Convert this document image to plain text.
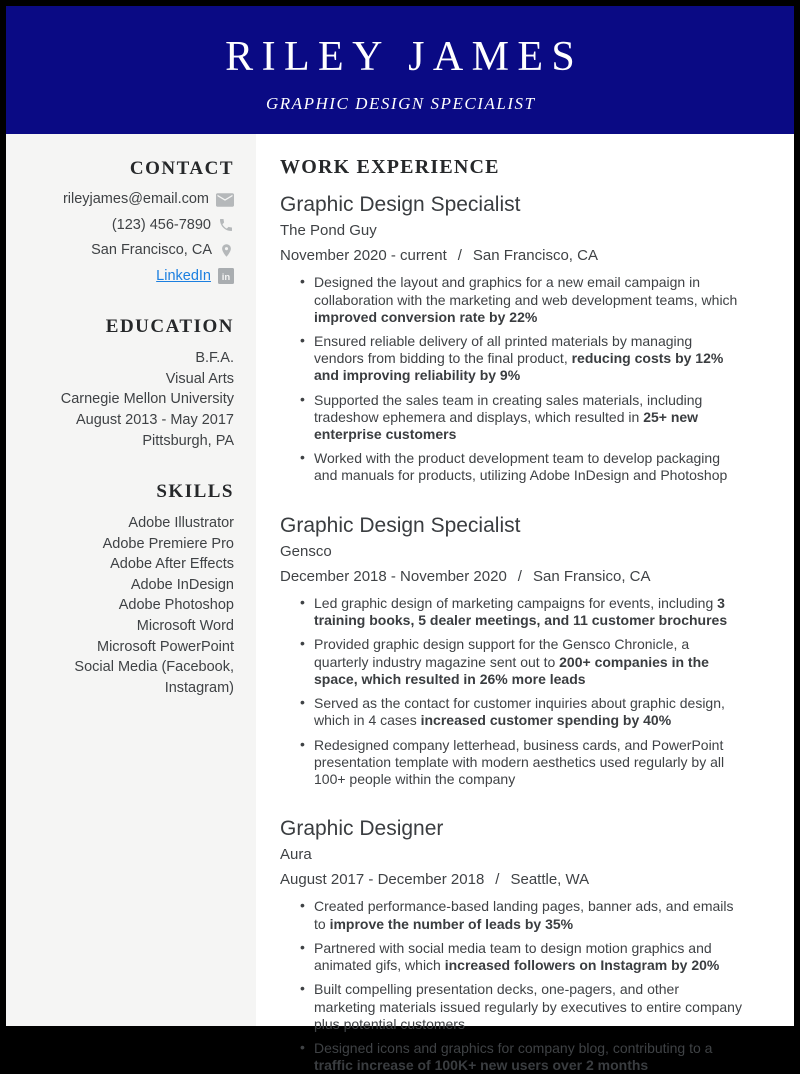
RILEY JAMES
GRAPHIC DESIGN SPECIALIST
CONTACT
rileyjames@email.com
(123) 456-7890
San Francisco, CA
LinkedIn in
EDUCATION
B.F.A.
Visual Arts
Carnegie Mellon University
August 2013 - May 2017
Pittsburgh, PA
SKILLS
Adobe Illustrator
Adobe Premiere Pro
Adobe After Effects
Adobe InDesign
Adobe Photoshop
Microsoft Word
Microsoft PowerPoint
Social Media (Facebook, Instagram)
WORK EXPERIENCE
Graphic Design Specialist
The Pond Guy
November 2020 - current / San Francisco, CA
• Designed the layout and graphics for a new email campaign in collaboration with the marketing and web development teams, which improved conversion rate by 22%
• Ensured reliable delivery of all printed materials by managing vendors from bidding to the final product, reducing costs by 12% and improving reliability by 9%
• Supported the sales team in creating sales materials, including tradeshow ephemera and displays, which resulted in 25+ new enterprise customers
• Worked with the product development team to develop packaging and manuals for products, utilizing Adobe InDesign and Photoshop
Graphic Design Specialist
Gensco
December 2018 - November 2020 / San Fransico, CA
• Led graphic design of marketing campaigns for events, including 3 training books, 5 dealer meetings, and 11 customer brochures
• Provided graphic design support for the Gensco Chronicle, a quarterly industry magazine sent out to 200+ companies in the space, which resulted in 26% more leads
• Served as the contact for customer inquiries about graphic design, which in 4 cases increased customer spending by 40%
• Redesigned company letterhead, business cards, and PowerPoint presentation template with modern aesthetics used regularly by all 100+ people within the company
Graphic Designer
Aura
August 2017 - December 2018 / Seattle, WA
• Created performance-based landing pages, banner ads, and emails to improve the number of leads by 35%
• Partnered with social media team to design motion graphics and animated gifs, which increased followers on Instagram by 20%
• Built compelling presentation decks, one-pagers, and other marketing materials issued regularly by executives to entire company plus potential customers
• Designed icons and graphics for company blog, contributing to a traffic increase of 100K+ new users over 2 months
